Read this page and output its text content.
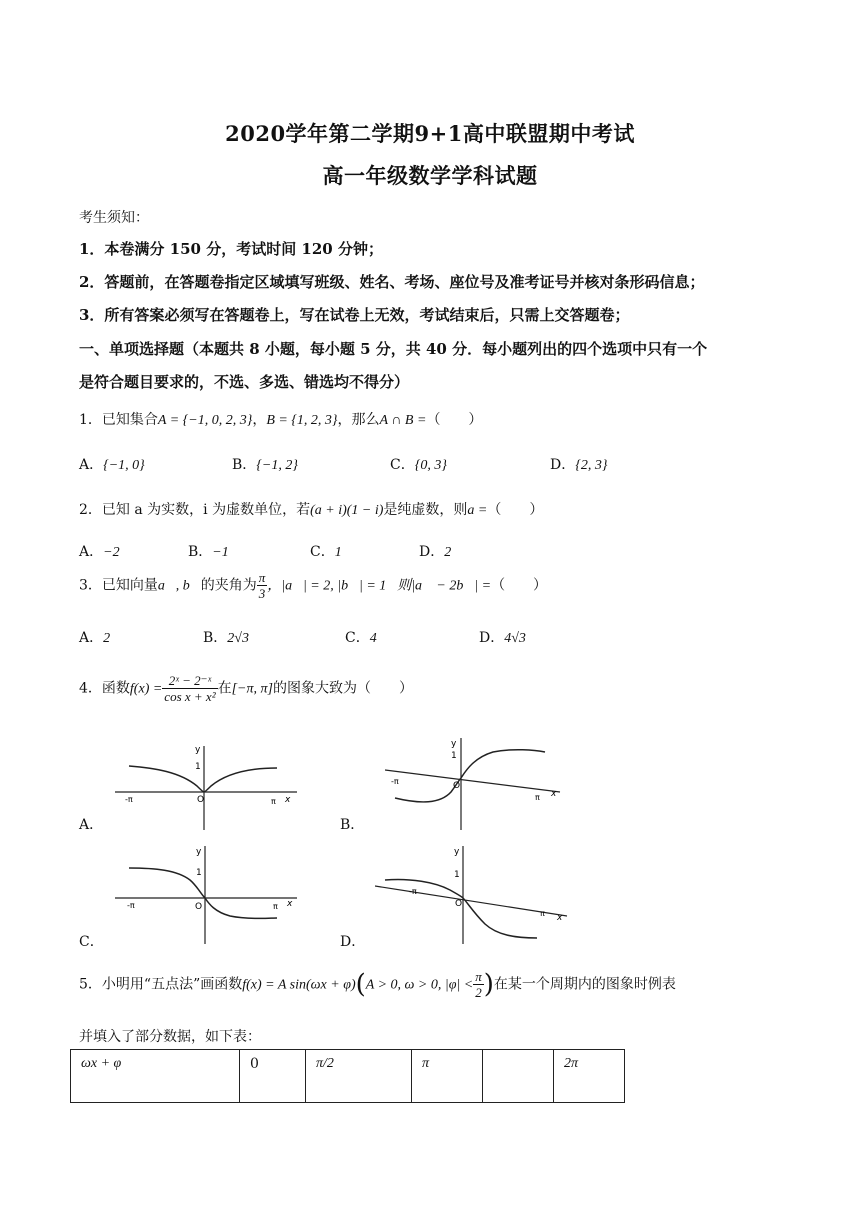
2020学年第二学期9+1高中联盟期中考试
高一年级数学学科试题
考生须知：
1．本卷满分 150 分，考试时间 120 分钟；
2．答题前，在答题卷指定区域填写班级、姓名、考场、座位号及准考证号并核对条形码信息；
3．所有答案必须写在答题卷上，写在试卷上无效，考试结束后，只需上交答题卷；
一、单项选择题（本题共 8 小题，每小题 5 分，共 40 分．每小题列出的四个选项中只有一个
是符合题目要求的，不选、多选、错选均不得分）
1．已知集合A = {−1, 0, 2, 3}，B = {1, 2, 3}，那么A ∩ B =（　　）
A．{−1, 0}	B．{−1, 2}	C．{0, 3}	D．{2, 3}
2．已知 a 为实数，i 为虚数单位，若(a + i)(1 − i)是纯虚数，则a =（　　）
A．−2	B．−1	C．1	D．2
3．已知向量a⃗, b⃗的夹角为 $\frac{\pi}{3}$ ，|a⃗| = 2, |b⃗| = 1．则|a⃗ − 2b⃗| =（　　）
A．2	B．2√3	C．4	D．4√3
4．函数$f(x) = \frac{\text{2ˣ − 2⁻ˣ}}{\text{cos x + x²}}$ 在[−π, π]的图象大致为（　　）
y
1
O
-π	π x
A．
y
1
O
-π
π x
B．
y
1
O
-π	π x
C．
y
1
O
-π
π x
D．
5．小明用“五点法”画函数f(x) = A sin(ωx + φ)(A > 0, ω > 0, $|\varphi| < \frac{\pi}{2}$ )在某一个周期内的图象时例表
并填入了部分数据，如下表：
ωx + φ	0	π/2	π		2π
